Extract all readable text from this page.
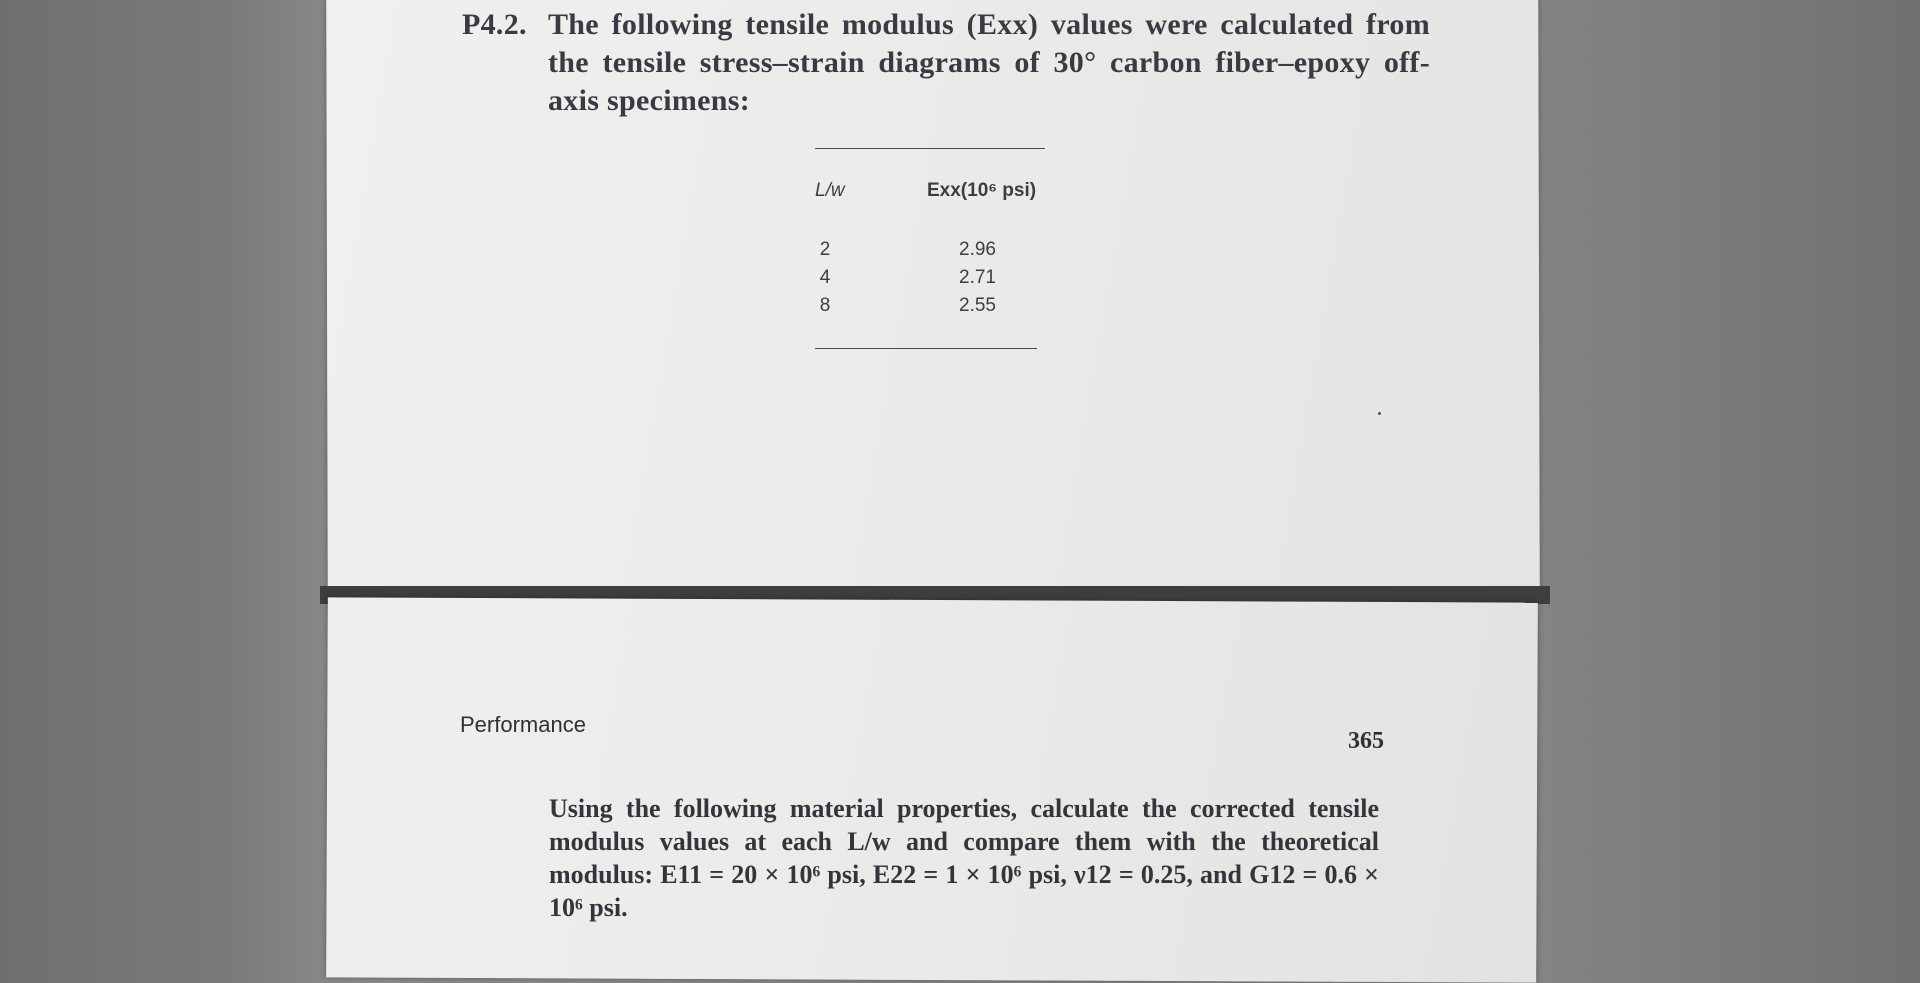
P4.2. The following tensile modulus (Exx) values were calculated from the tensile stress–strain diagrams of 30° carbon fiber–epoxy off-axis specimens:
L/w	Exx(10⁶ psi)
2
4
8
2.96
2.71
2.55
Performance
365
Using the following material properties, calculate the corrected tensile modulus values at each L/w and compare them with the theoretical modulus: E11 = 20 × 10⁶ psi, E22 = 1 × 10⁶ psi, ν12 = 0.25, and G12 = 0.6 × 10⁶ psi.
